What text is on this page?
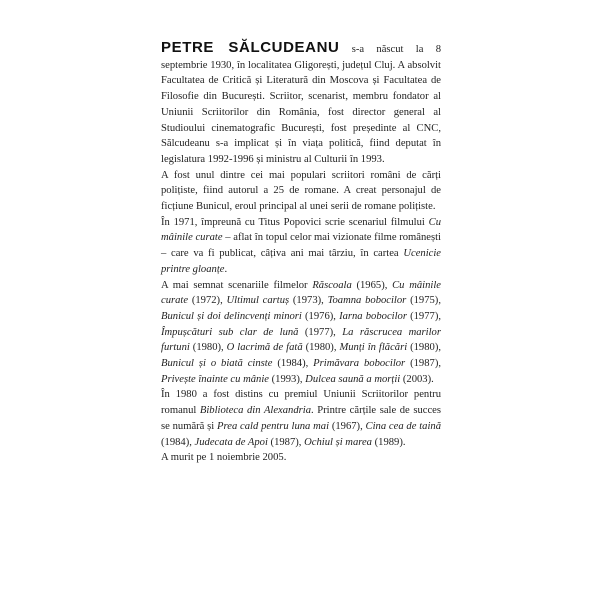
PETRE SĂLCUDEANU s-a născut la 8 septembrie 1930, în localitatea Gligorești, județul Cluj. A absolvit Facultatea de Critică și Literatură din Moscova și Facultatea de Filosofie din București. Scriitor, scenarist, membru fondator al Uniunii Scriitorilor din România, fost director general al Studioului cinematografic București, fost președinte al CNC, Sălcudeanu s-a implicat și în viața politică, fiind deputat în legislatura 1992-1996 și ministru al Culturii în 1993.

A fost unul dintre cei mai populari scriitori români de cărți polițiste, fiind autorul a 25 de romane. A creat personajul de ficțiune Bunicul, eroul principal al unei serii de romane polițiste.

În 1971, împreună cu Titus Popovici scrie scenariul filmului Cu mâinile curate – aflat în topul celor mai vizionate filme românești – care va fi publicat, câțiva ani mai târziu, în cartea Ucenicie printre gloanțe.

A mai semnat scenariile filmelor Răscoala (1965), Cu mâinile curate (1972), Ultimul cartuș (1973), Toamna bobocilor (1975), Bunicul și doi delincvenți minori (1976), Iarna bobocilor (1977), Împușcături sub clar de lună (1977), La răscrucea marilor furtuni (1980), O lacrimă de fată (1980), Munți în flăcări (1980), Bunicul și o biată cinste (1984), Primăvara bobocilor (1987), Privește înainte cu mânie (1993), Dulcea saună a morții (2003).

În 1980 a fost distins cu premiul Uniunii Scriitorilor pentru romanul Biblioteca din Alexandria. Printre cărțile sale de succes se numără și Prea cald pentru luna mai (1967), Cina cea de taină (1984), Judecata de Apoi (1987), Ochiul și marea (1989).

A murit pe 1 noiembrie 2005.
